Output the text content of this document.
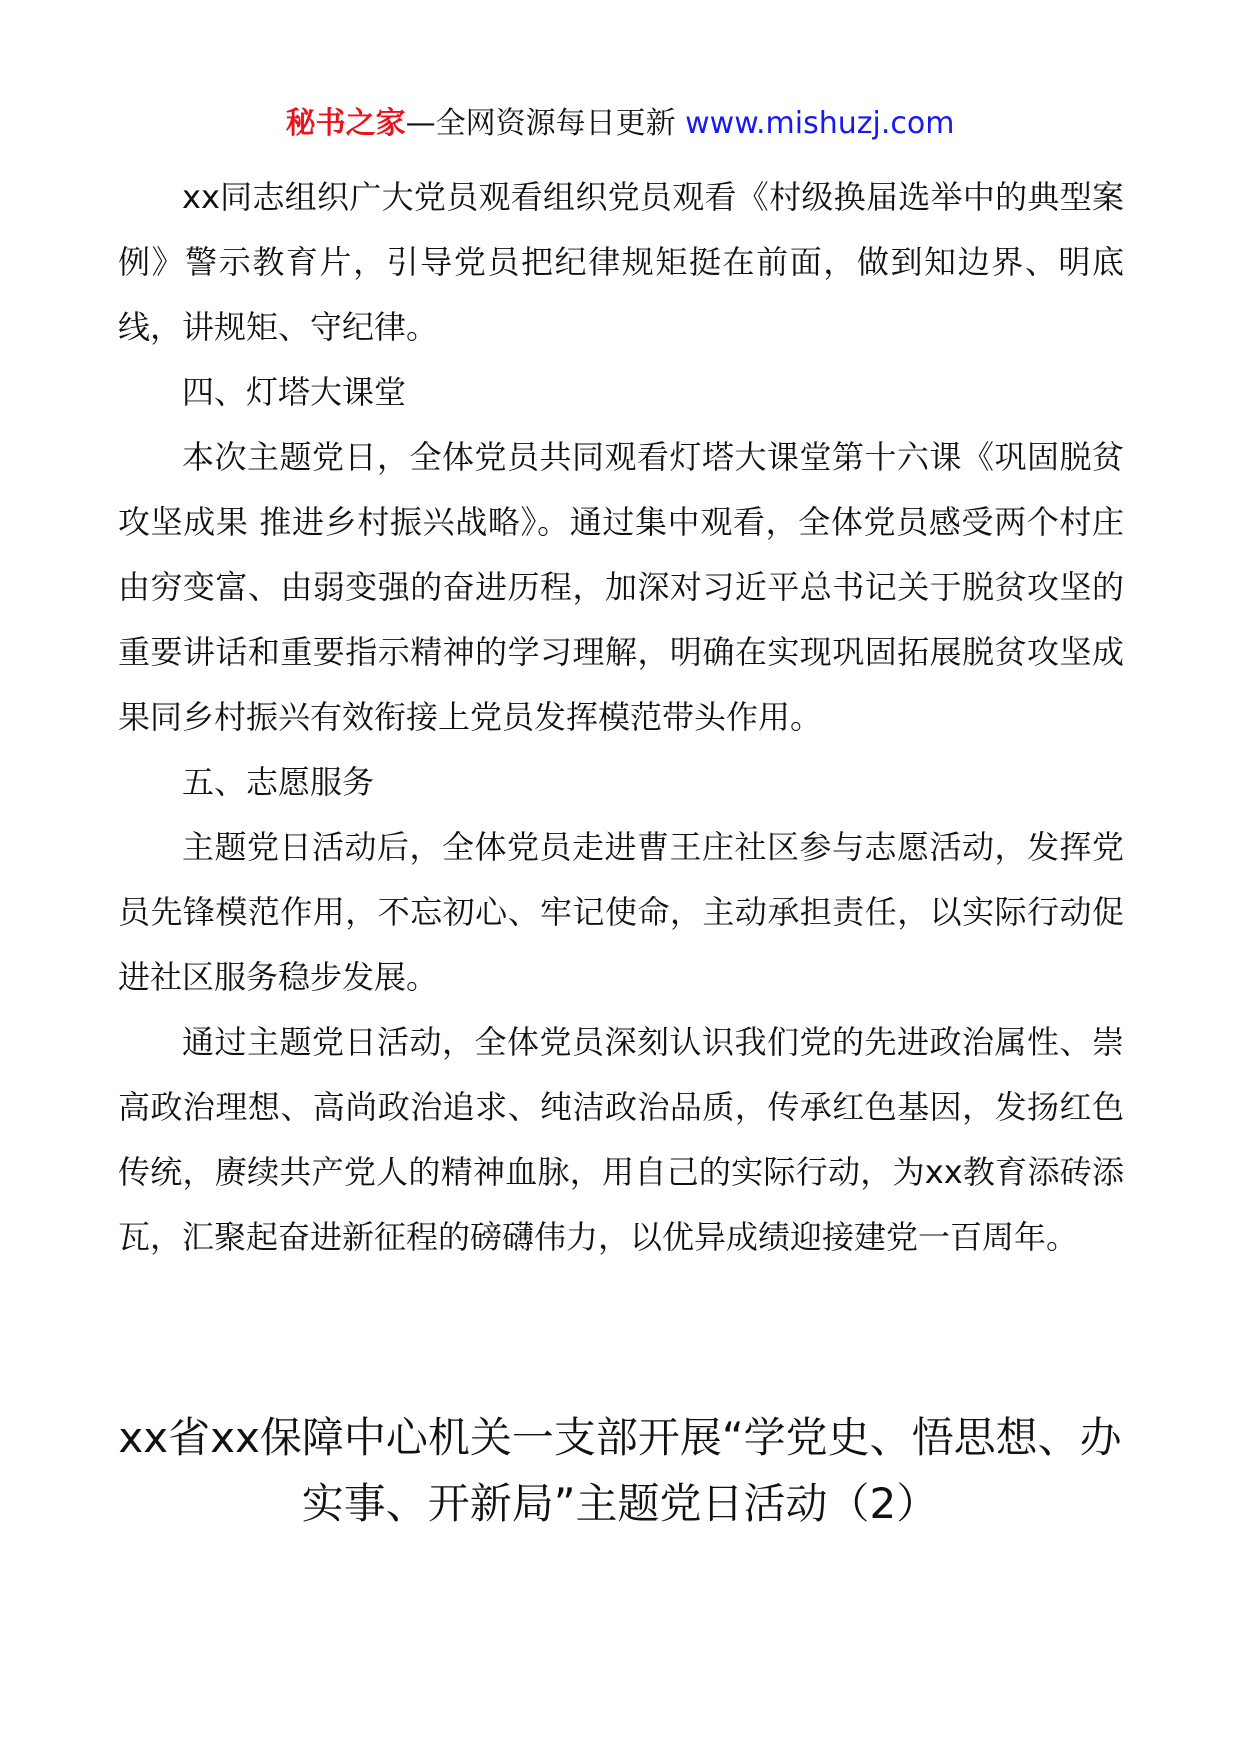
秘书之家—全网资源每日更新 www.mishuzj.com

xx同志组织广大党员观看组织党员观看《村级换届选举中的典型案例》警示教育片，引导党员把纪律规矩挺在前面，做到知边界、明底线，讲规矩、守纪律。

四、灯塔大课堂

本次主题党日，全体党员共同观看灯塔大课堂第十六课《巩固脱贫攻坚成果 推进乡村振兴战略》。通过集中观看，全体党员感受两个村庄由穷变富、由弱变强的奋进历程，加深对习近平总书记关于脱贫攻坚的重要讲话和重要指示精神的学习理解，明确在实现巩固拓展脱贫攻坚成果同乡村振兴有效衔接上党员发挥模范带头作用。

五、志愿服务

主题党日活动后，全体党员走进曹王庄社区参与志愿活动，发挥党员先锋模范作用，不忘初心、牢记使命，主动承担责任，以实际行动促进社区服务稳步发展。

通过主题党日活动，全体党员深刻认识我们党的先进政治属性、崇高政治理想、高尚政治追求、纯洁政治品质，传承红色基因，发扬红色传统，赓续共产党人的精神血脉，用自己的实际行动，为xx教育添砖添瓦，汇聚起奋进新征程的磅礴伟力，以优异成绩迎接建党一百周年。

xx省xx保障中心机关一支部开展“学党史、悟思想、办实事、开新局”主题党日活动（2）
